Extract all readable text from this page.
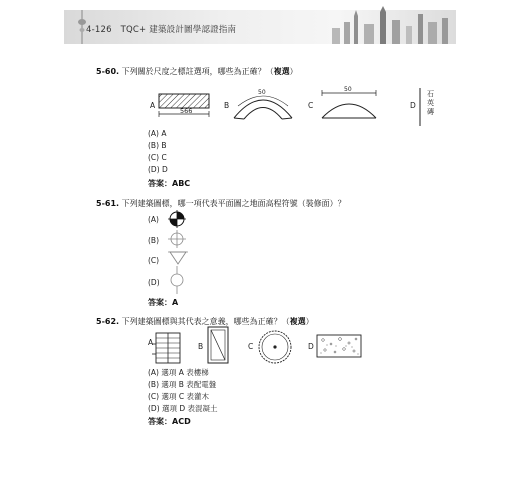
4-126 TQC+ 建築設計圖學認證指南
5-60. 下列關於尺度之標註選項，哪些為正確？（複選）
A
566
B
50
C
50
D
石
英
磚
(A) A
(B) B
(C) C
(D) D
答案：ABC
5-61. 下列建築圖標，哪一項代表平面圖之地面高程符號（裝修面）？
(A)
(B)
(C)
(D)
答案：A
5-62. 下列建築圖標與其代表之意義，哪些為正確？（複選）
A	B	C	D
(A) 選項 A 表樓梯
(B) 選項 B 表配電盤
(C) 選項 C 表灌木
(D) 選項 D 表混凝土
答案：ACD
